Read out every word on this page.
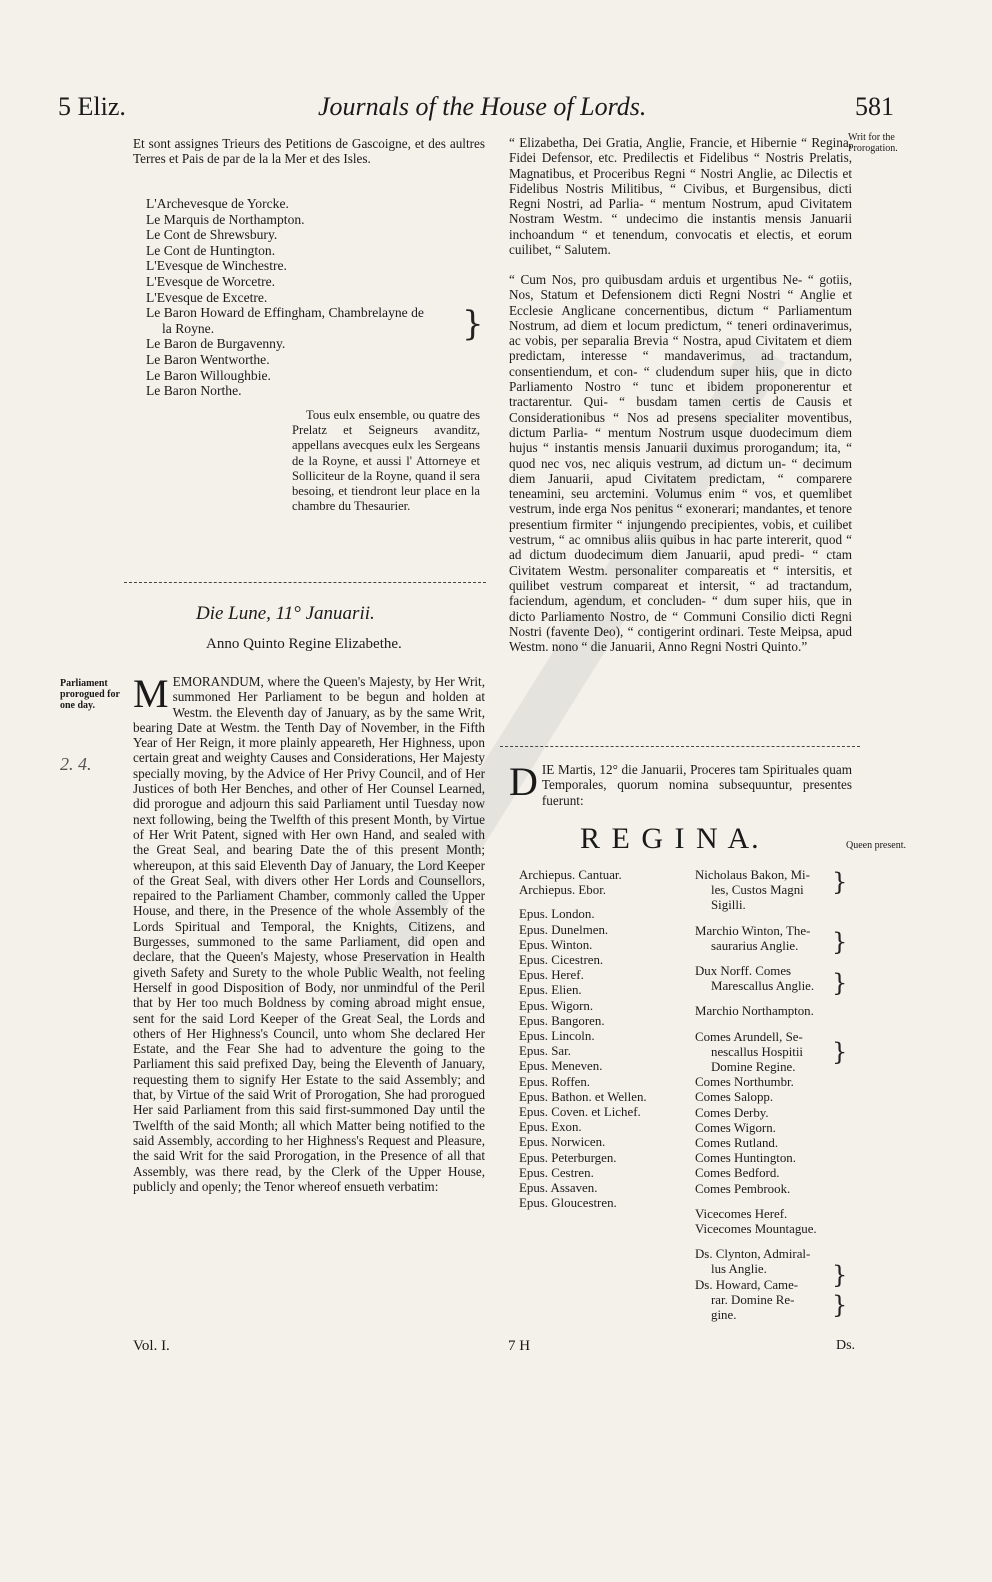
5 Eliz.	Journals of the House of Lords.	581

Et sont assignes Trieurs des Petitions de Gascoigne, et des aultres Terres et Pais de par de la la Mer et des Isles.

L'Archevesque de Yorcke.
Le Marquis de Northampton.
Le Cont de Shrewsbury.
Le Cont de Huntington.
L'Evesque de Winchestre.
L'Evesque de Worcetre.
L'Evesque de Excetre.
Le Baron Howard de Effingham, Chambrelayne de
la Royne.
Le Baron de Burgavenny.
Le Baron Wentworthe.
Le Baron Willoughbie.
Le Baron Northe.
}

Tous eulx ensemble, ou quatre des Prelatz et Seigneurs avanditz, appellans avecques eulx les Sergeans de la Royne, et aussi l' Attorneye et Solliciteur de la Royne, quand il sera besoing, et tiendront leur place en la chambre du Thesaurier.

Die Lune, 11° Januarii.
Anno Quinto Regine Elizabethe.
Parliament prorogued for one day.
2. 4.
M EMORANDUM, where the Queen's Majesty, by Her Writ, summoned Her Parliament to be begun and holden at Westm. the Eleventh day of January, as by the same Writ, bearing Date at Westm. the Tenth Day of November, in the Fifth Year of Her Reign, it more plainly appeareth, Her Highness, upon certain great and weighty Causes and Considerations, Her Majesty specially moving, by the Advice of Her Privy Council, and of Her Justices of both Her Benches, and other of Her Counsel Learned, did prorogue and adjourn this said Parliament until Tuesday now next following, being the Twelfth of this present Month, by Virtue of Her Writ Patent, signed with Her own Hand, and sealed with the Great Seal, and bearing Date the of this present Month; whereupon, at this said Eleventh Day of January, the Lord Keeper of the Great Seal, with divers other Her Lords and Counsellors, repaired to the Parliament Chamber, commonly called the Upper House, and there, in the Presence of the whole Assembly of the Lords Spiritual and Temporal, the Knights, Citizens, and Burgesses, summoned to the same Parliament, did open and declare, that the Queen's Majesty, whose Preservation in Health giveth Safety and Surety to the whole Public Wealth, not feeling Herself in good Disposition of Body, nor unmindful of the Peril that by Her too much Boldness by coming abroad might ensue, sent for the said Lord Keeper of the Great Seal, the Lords and others of Her Highness's Council, unto whom She declared Her Estate, and the Fear She had to adventure the going to the Parliament this said prefixed Day, being the Eleventh of January, requesting them to signify Her Estate to the said Assembly; and that, by Virtue of the said Writ of Prorogation, She had prorogued Her said Parliament from this said first-summoned Day until the Twelfth of the said Month; all which Matter being notified to the said Assembly, according to her Highness's Request and Pleasure, the said Writ for the said Prorogation, in the Presence of all that Assembly, was there read, by the Clerk of the Upper House, publicly and openly; the Tenor whereof ensueth verbatim:
Vol. I.
Writ for the Prorogation.

“ Elizabetha, Dei Gratia, Anglie, Francie, et Hibernie “ Regina, Fidei Defensor, etc. Predilectis et Fidelibus “ Nostris Prelatis, Magnatibus, et Proceribus Regni “ Nostri Anglie, ac Dilectis et Fidelibus Nostris Militibus, “ Civibus, et Burgensibus, dicti Regni Nostri, ad Parlia- “ mentum Nostrum, apud Civitatem Nostram Westm. “ undecimo die instantis mensis Januarii inchoandum “ et tenendum, convocatis et electis, et eorum cuilibet, “ Salutem.

“ Cum Nos, pro quibusdam arduis et urgentibus Ne- “ gotiis, Nos, Statum et Defensionem dicti Regni Nostri “ Anglie et Ecclesie Anglicane concernentibus, dictum “ Parliamentum Nostrum, ad diem et locum predictum, “ teneri ordinaverimus, ac vobis, per separalia Brevia “ Nostra, apud Civitatem et diem predictam, interesse “ mandaverimus, ad tractandum, consentiendum, et con- “ cludendum super hiis, que in dicto Parliamento Nostro “ tunc et ibidem proponerentur et tractarentur. Qui- “ busdam tamen certis de Causis et Considerationibus “ Nos ad presens specialiter moventibus, dictum Parlia- “ mentum Nostrum usque duodecimum diem hujus “ instantis mensis Januarii duximus prorogandum; ita, “ quod nec vos, nec aliquis vestrum, ad dictum un- “ decimum diem Januarii, apud Civitatem predictam, “ comparere teneamini, seu arctemini. Volumus enim “ vos, et quemlibet vestrum, inde erga Nos penitus “ exonerari; mandantes, et tenore presentium firmiter “ injungendo precipientes, vobis, et cuilibet vestrum, “ ac omnibus aliis quibus in hac parte intererit, quod “ ad dictum duodecimum diem Januarii, apud predi- “ ctam Civitatem Westm. personaliter compareatis et “ intersitis, et quilibet vestrum compareat et intersit, “ ad tractandum, faciendum, agendum, et concluden- “ dum super hiis, que in dicto Parliamento Nostro, de “ Communi Consilio dicti Regni Nostri (favente Deo), “ contigerint ordinari. Teste Meipsa, apud Westm. nono “ die Januarii, Anno Regni Nostri Quinto.”

D IE Martis, 12° die Januarii, Proceres tam Spirituales quam Temporales, quorum nomina subsequuntur, presentes fuerunt:
R E G I N A.	Queen present.
Archiepus. Cantuar.
Archiepus. Ebor.
Epus. London.
Epus. Dunelmen.
Epus. Winton.
Epus. Cicestren.
Epus. Heref.
Epus. Elien.
Epus. Wigorn.
Epus. Bangoren.
Epus. Lincoln.
Epus. Sar.
Epus. Meneven.
Epus. Roffen.
Epus. Bathon. et Wellen.
Epus. Coven. et Lichef.
Epus. Exon.
Epus. Norwicen.
Epus. Peterburgen.
Epus. Cestren.
Epus. Assaven.
Epus. Gloucestren.
Nicholaus Bakon, Mi-
les, Custos Magni
Sigilli.
Marchio Winton, The-
saurarius Anglie.
Dux Norff. Comes
Marescallus Anglie.
Marchio Northampton.
Comes Arundell, Se-
nescallus Hospitii
Domine Regine.
Comes Northumbr.
Comes Salopp.
Comes Derby.
Comes Wigorn.
Comes Rutland.
Comes Huntington.
Comes Bedford.
Comes Pembrook.
Vicecomes Heref.
Vicecomes Mountague.
Ds. Clynton, Admiral-
lus Anglie.
Ds. Howard, Came-
rar. Domine Re-
gine.
}
}
}
}
}
}
7 H	Ds.
